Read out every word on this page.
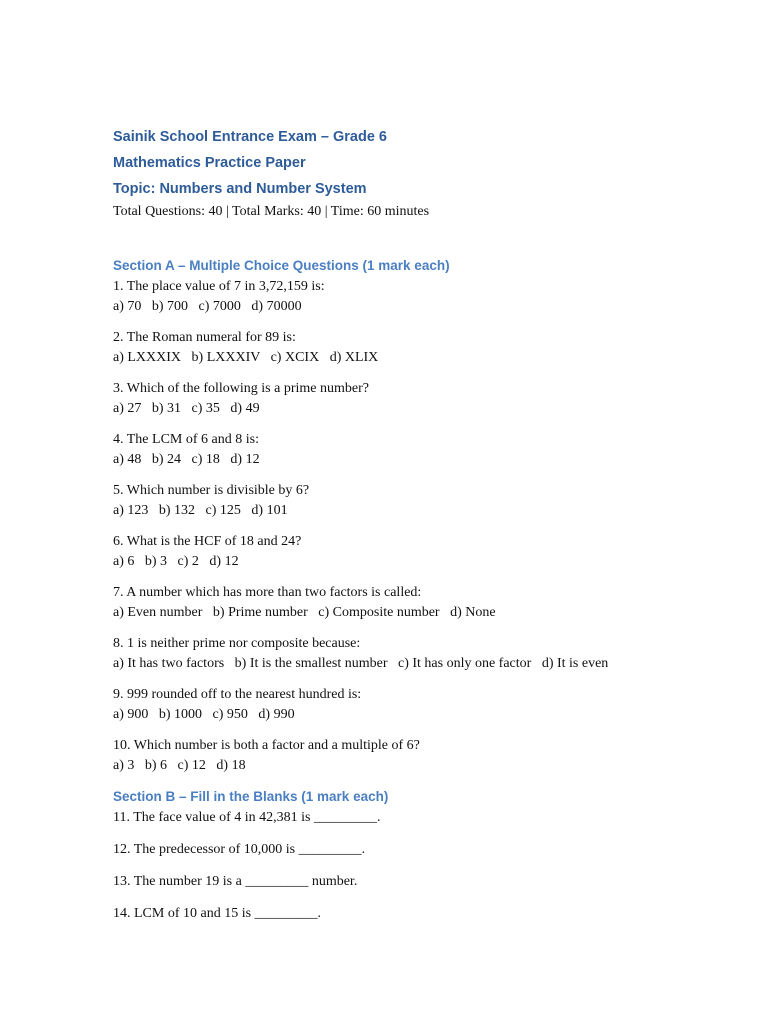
Sainik School Entrance Exam – Grade 6

Mathematics Practice Paper

Topic: Numbers and Number System

Total Questions: 40 | Total Marks: 40 | Time: 60 minutes

Section A – Multiple Choice Questions (1 mark each)

1. The place value of 7 in 3,72,159 is:

a) 70   b) 700   c) 7000   d) 70000

2. The Roman numeral for 89 is:

a) LXXXIX   b) LXXXIV   c) XCIX   d) XLIX

3. Which of the following is a prime number?

a) 27   b) 31   c) 35   d) 49

4. The LCM of 6 and 8 is:

a) 48   b) 24   c) 18   d) 12

5. Which number is divisible by 6?

a) 123   b) 132   c) 125   d) 101

6. What is the HCF of 18 and 24?

a) 6   b) 3   c) 2   d) 12

7. A number which has more than two factors is called:

a) Even number   b) Prime number   c) Composite number   d) None

8. 1 is neither prime nor composite because:

a) It has two factors   b) It is the smallest number   c) It has only one factor   d) It is even

9. 999 rounded off to the nearest hundred is:

a) 900   b) 1000   c) 950   d) 990

10. Which number is both a factor and a multiple of 6?

a) 3   b) 6   c) 12   d) 18

Section B – Fill in the Blanks (1 mark each)

11. The face value of 4 in 42,381 is _________.

12. The predecessor of 10,000 is _________.

13. The number 19 is a _________ number.

14. LCM of 10 and 15 is _________.
